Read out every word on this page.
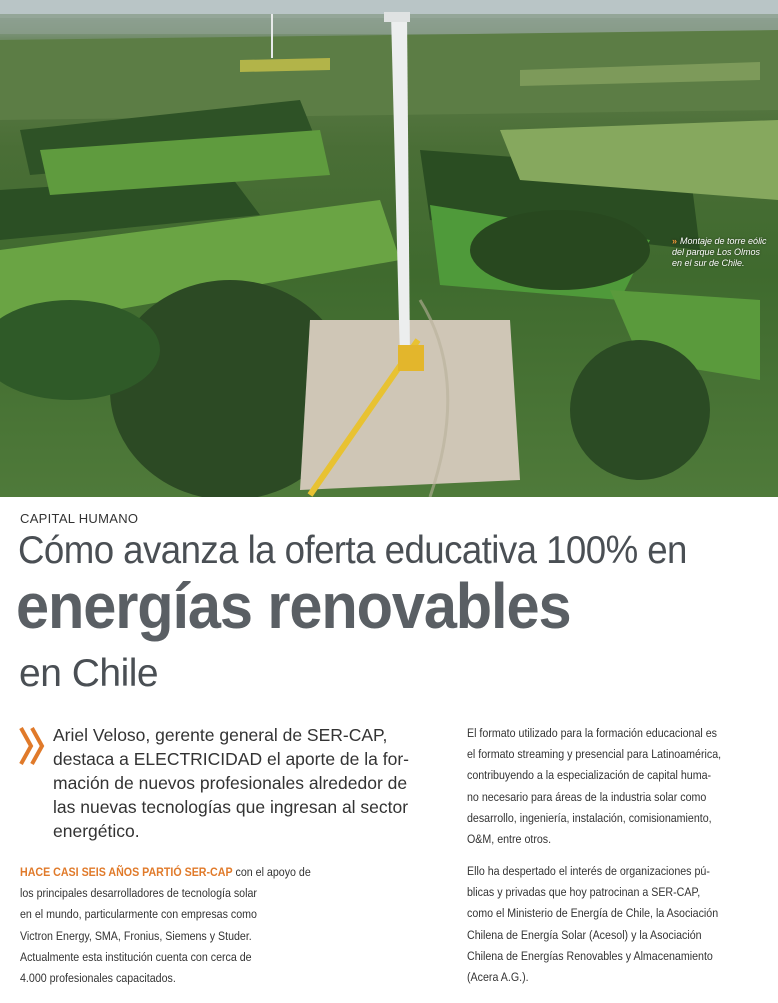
» Montaje de torre eólic
del parque Los Olmos
en el sur de Chile.
CAPITAL HUMANO
Cómo avanza la oferta educativa 100% en
energías renovables
en Chile
Ariel Veloso, gerente general de SER-CAP,
destaca a ELECTRICIDAD el aporte de la for-
mación de nuevos profesionales alrededor de
las nuevas tecnologías que ingresan al sector
energético.
HACE CASI SEIS AÑOS PARTIÓ SER-CAP con el apoyo de
los principales desarrolladores de tecnología solar
en el mundo, particularmente con empresas como
Victron Energy, SMA, Fronius, Siemens y Studer.
Actualmente esta institución cuenta con cerca de
4.000 profesionales capacitados.
El formato utilizado para la formación educacional es
el formato streaming y presencial para Latinoamérica,
contribuyendo a la especialización de capital huma-
no necesario para áreas de la industria solar como
desarrollo, ingeniería, instalación, comisionamiento,
O&M, entre otros.
Ello ha despertado el interés de organizaciones pú-
blicas y privadas que hoy patrocinan a SER-CAP,
como el Ministerio de Energía de Chile, la Asociación
Chilena de Energía Solar (Acesol) y la Asociación
Chilena de Energías Renovables y Almacenamiento
(Acera A.G.).
